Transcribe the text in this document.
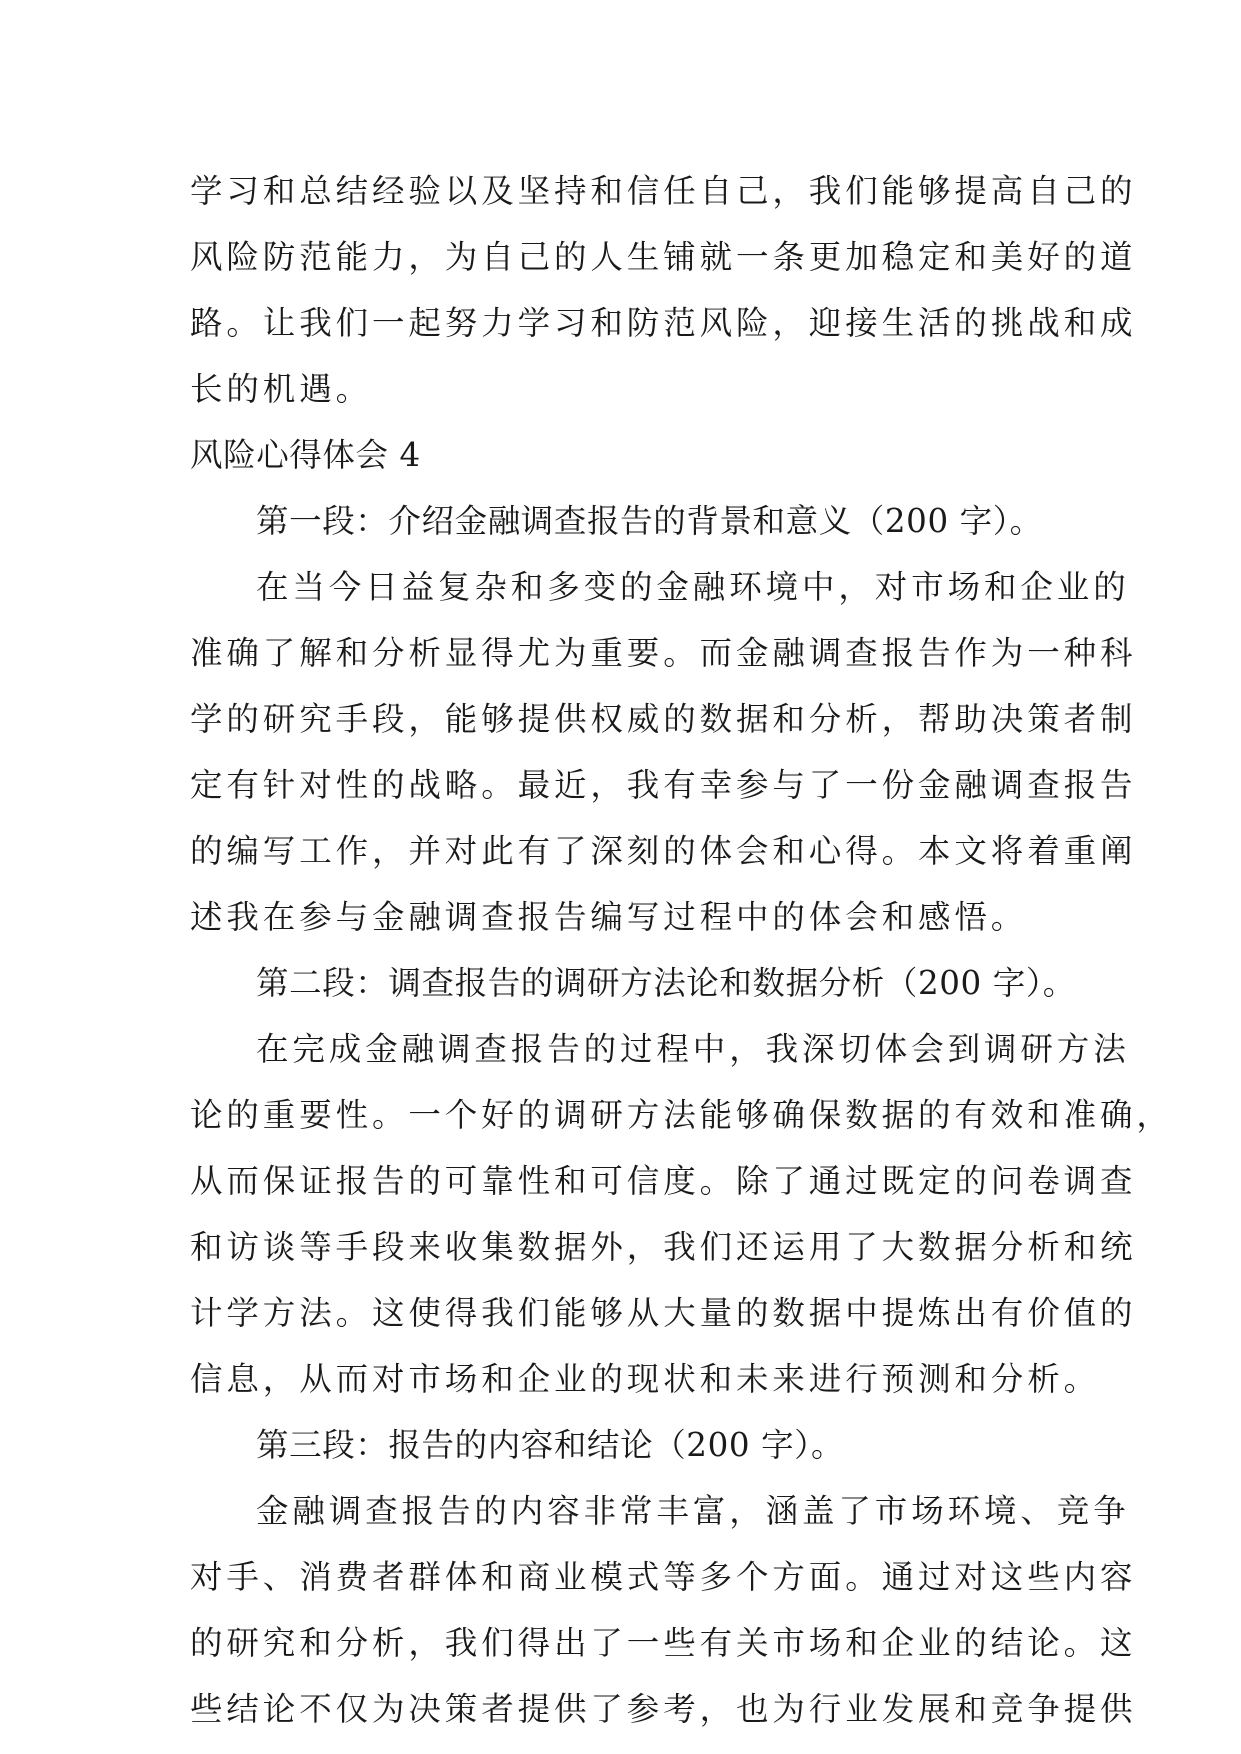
学习和总结经验以及坚持和信任自己，我们能够提高自己的
风险防范能力，为自己的人生铺就一条更加稳定和美好的道
路。让我们一起努力学习和防范风险，迎接生活的挑战和成
长的机遇。
风险心得体会 4
第一段：介绍金融调查报告的背景和意义（200 字）。
在当今日益复杂和多变的金融环境中，对市场和企业的
准确了解和分析显得尤为重要。而金融调查报告作为一种科
学的研究手段，能够提供权威的数据和分析，帮助决策者制
定有针对性的战略。最近，我有幸参与了一份金融调查报告
的编写工作，并对此有了深刻的体会和心得。本文将着重阐
述我在参与金融调查报告编写过程中的体会和感悟。
第二段：调查报告的调研方法论和数据分析（200 字）。
在完成金融调查报告的过程中，我深切体会到调研方法
论的重要性。一个好的调研方法能够确保数据的有效和准确，
从而保证报告的可靠性和可信度。除了通过既定的问卷调查
和访谈等手段来收集数据外，我们还运用了大数据分析和统
计学方法。这使得我们能够从大量的数据中提炼出有价值的
信息，从而对市场和企业的现状和未来进行预测和分析。
第三段：报告的内容和结论（200 字）。
金融调查报告的内容非常丰富，涵盖了市场环境、竞争
对手、消费者群体和商业模式等多个方面。通过对这些内容
的研究和分析，我们得出了一些有关市场和企业的结论。这
些结论不仅为决策者提供了参考，也为行业发展和竞争提供
